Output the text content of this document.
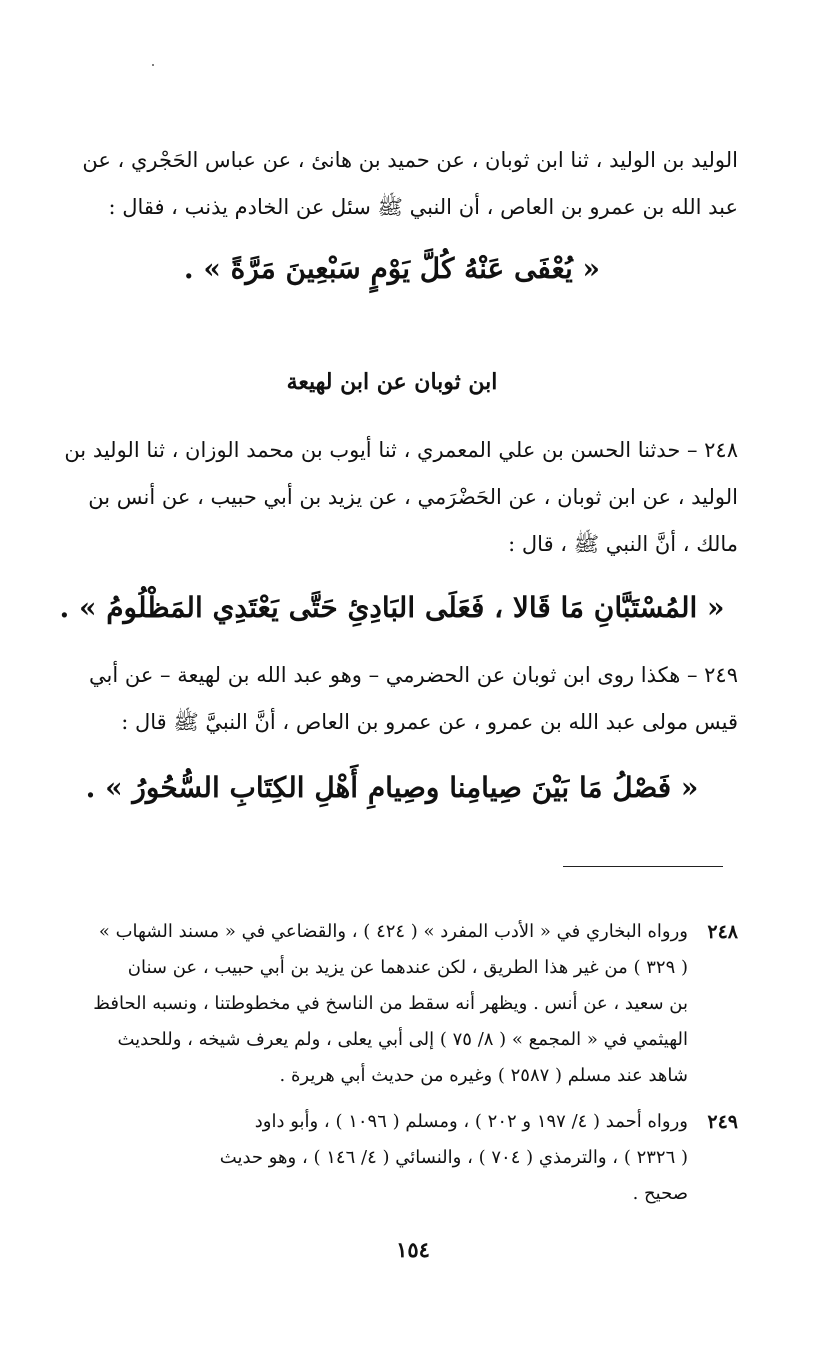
الوليد بن الوليد ، ثنا ابن ثوبان ، عن حميد بن هانئ ، عن عباس الحَجْري ، عن
عبد الله بن عمرو بن العاص ، أن النبي ﷺ سئل عن الخادم يذنب ، فقال :
« يُعْفَى عَنْهُ كُلَّ يَوْمٍ سَبْعِينَ مَرَّةً » .
ابن ثوبان عن ابن لهيعة
٢٤٨ – حدثنا الحسن بن علي المعمري ، ثنا أيوب بن محمد الوزان ، ثنا الوليد بن
الوليد ، عن ابن ثوبان ، عن الحَضْرَمي ، عن يزيد بن أبي حبيب ، عن أنس بن
مالك ، أنَّ النبي ﷺ ، قال :
« المُسْتَبَّانِ مَا قَالا ، فَعَلَى البَادِئِ حَتَّى يَعْتَدِي المَظْلُومُ » .
٢٤٩ – هكذا روى ابن ثوبان عن الحضرمي – وهو عبد الله بن لهيعة – عن أبي
قيس مولى عبد الله بن عمرو ، عن عمرو بن العاص ، أنَّ النبيَّ ﷺ قال :
« فَصْلُ مَا بَيْنَ صِيامِنا وصِيامِ أَهْلِ الكِتَابِ السُّحُورُ » .
٢٤٨
ورواه البخاري في « الأدب المفرد » ( ٤٢٤ ) ، والقضاعي في « مسند الشهاب »
( ٣٢٩ ) من غير هذا الطريق ، لكن عندهما عن يزيد بن أبي حبيب ، عن سنان
بن سعيد ، عن أنس . ويظهر أنه سقط من الناسخ في مخطوطتنا ، ونسبه الحافظ
الهيثمي في « المجمع » ( ٨/ ٧٥ ) إلى أبي يعلى ، ولم يعرف شيخه ، وللحديث
شاهد عند مسلم ( ٢٥٨٧ ) وغيره من حديث أبي هريرة .
٢٤٩
ورواه أحمد ( ٤/ ١٩٧ و ٢٠٢ ) ، ومسلم ( ١٠٩٦ ) ، وأبو داود
( ٢٣٢٦ ) ، والترمذي ( ٧٠٤ ) ، والنسائي ( ٤/ ١٤٦ ) ، وهو حديث
صحيح .
١٥٤
